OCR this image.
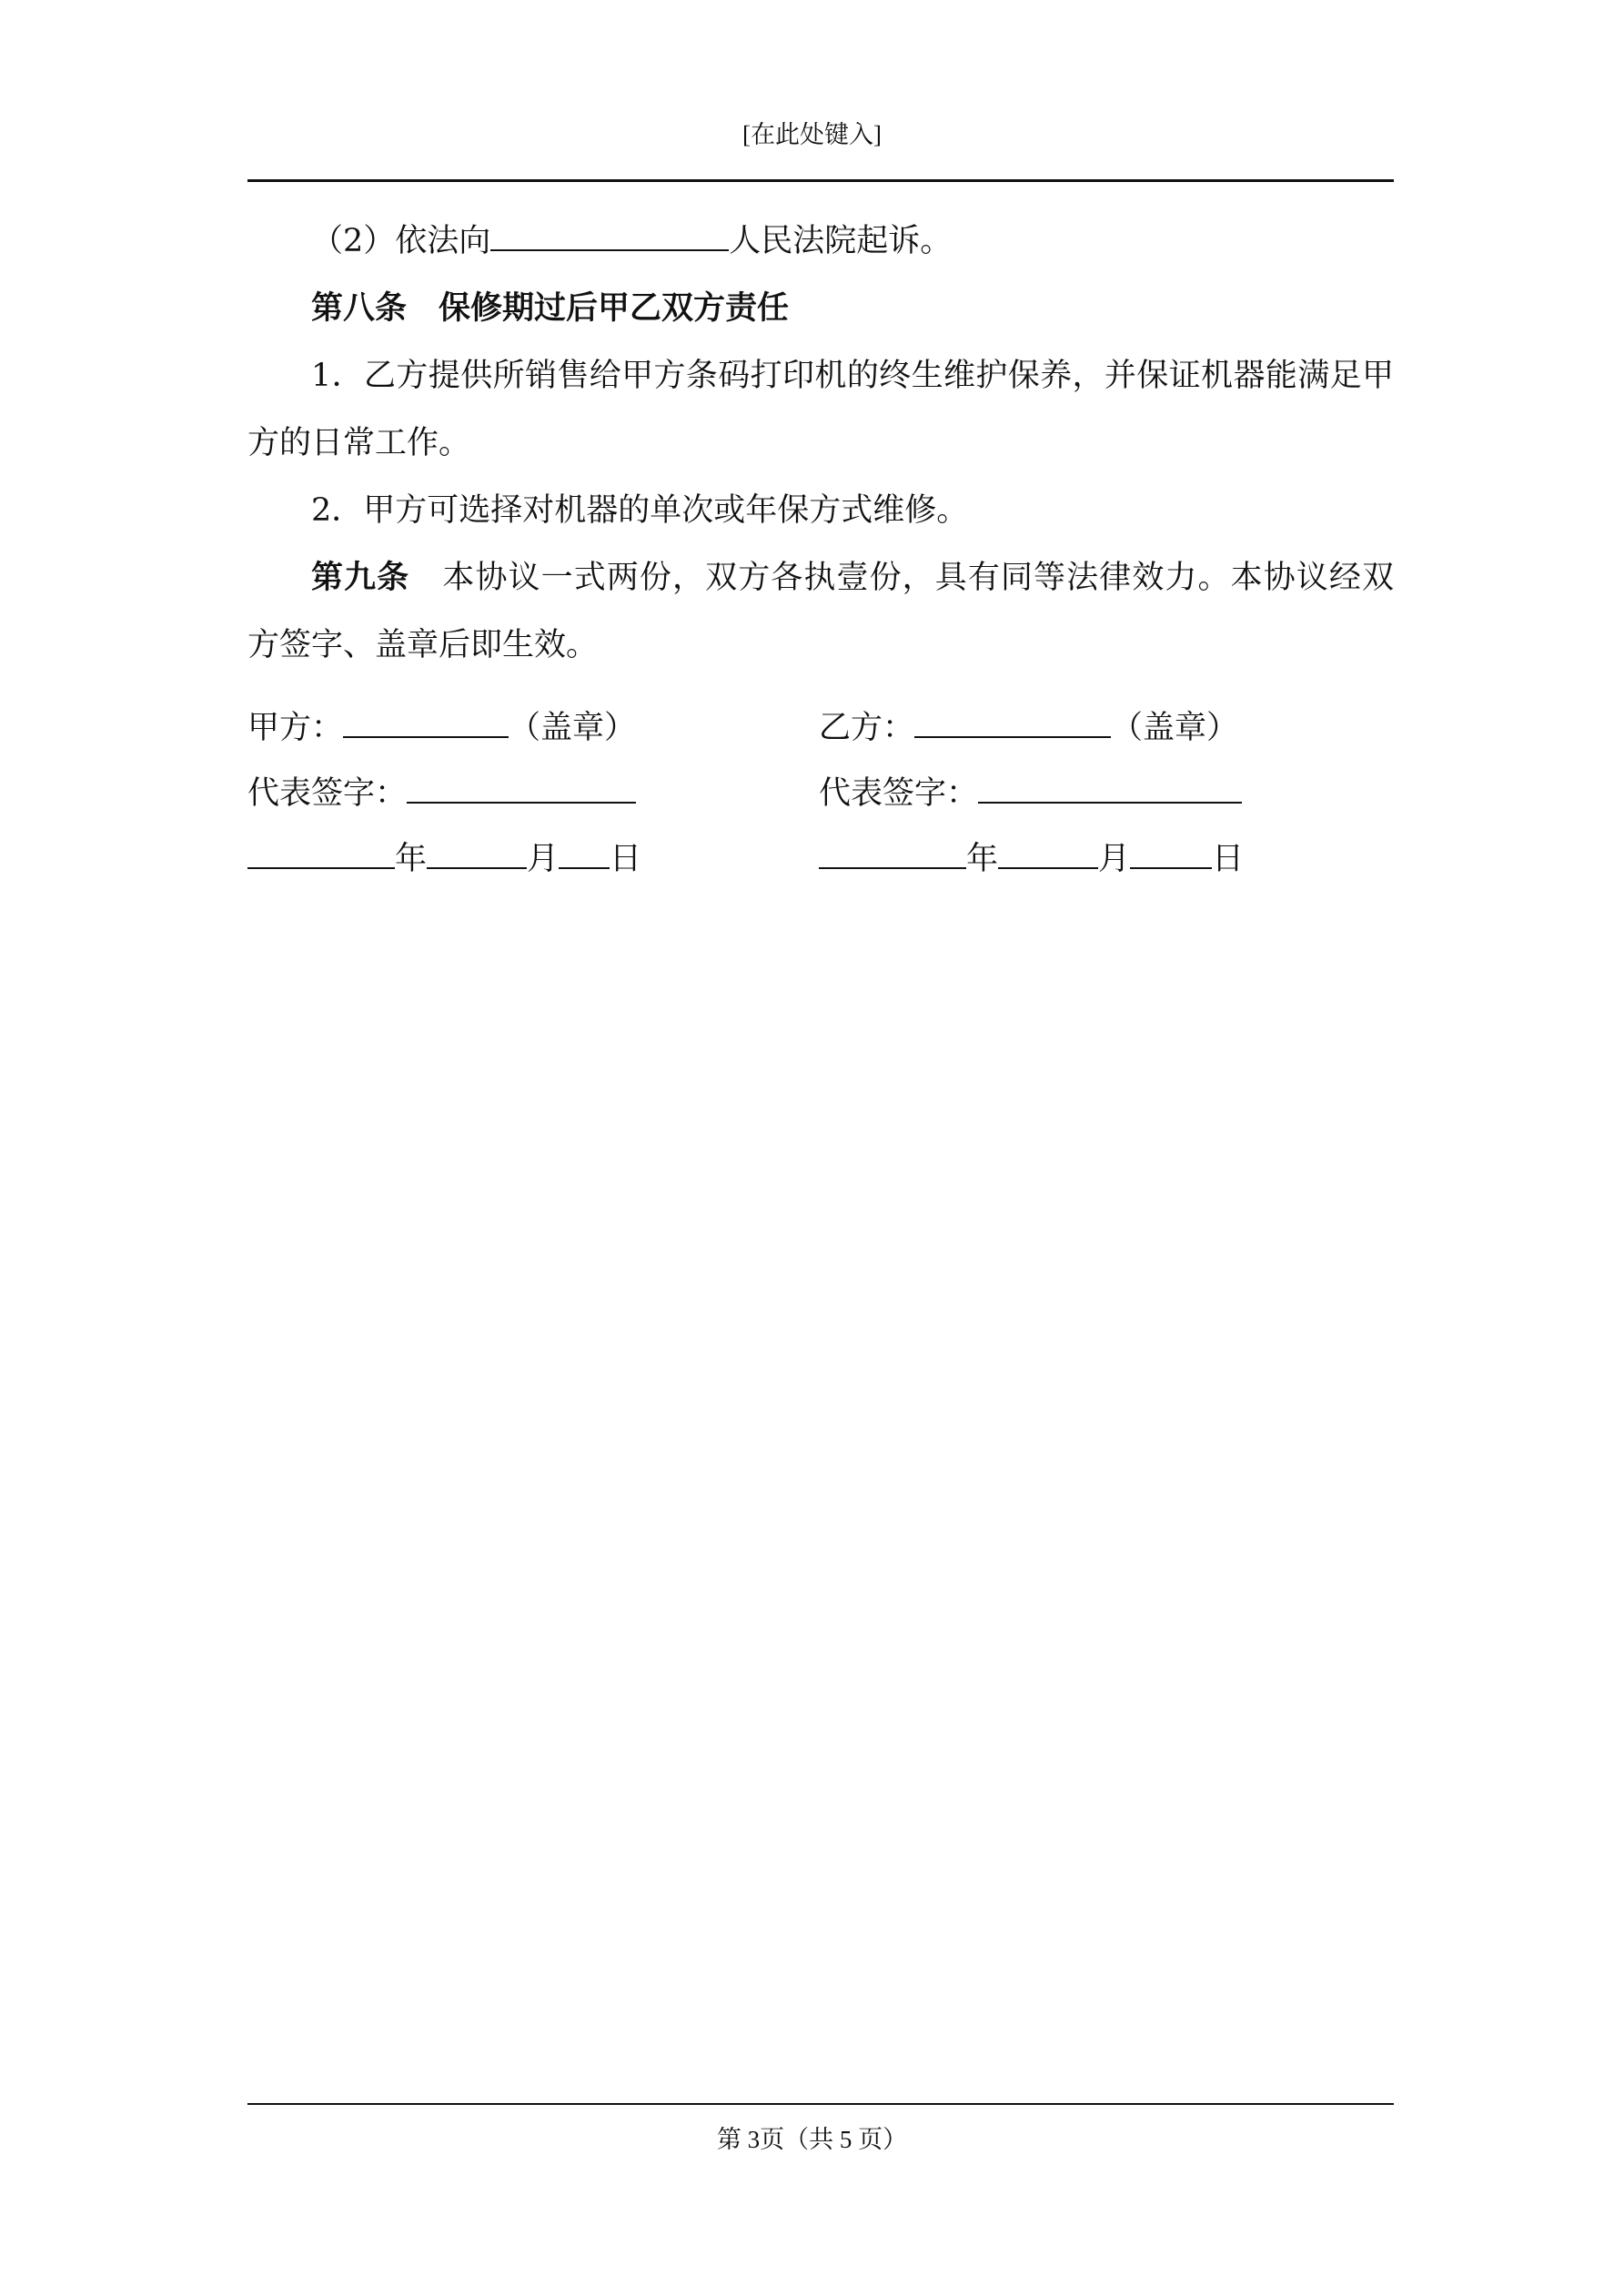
[在此处键入]

（2）依法向	人民法院起诉。

第八条　保修期过后甲乙双方责任

1．乙方提供所销售给甲方条码打印机的终生维护保养，并保证机器能满足甲方的日常工作。

2．甲方可选择对机器的单次或年保方式维修。

第九条　本协议一式两份，双方各执壹份，具有同等法律效力。本协议经双方签字、盖章后即生效。

甲方：	（盖章）	乙方：	（盖章）
代表签字：	代表签字：
年	月 日	年	月	日
第 3页（共 5 页）
